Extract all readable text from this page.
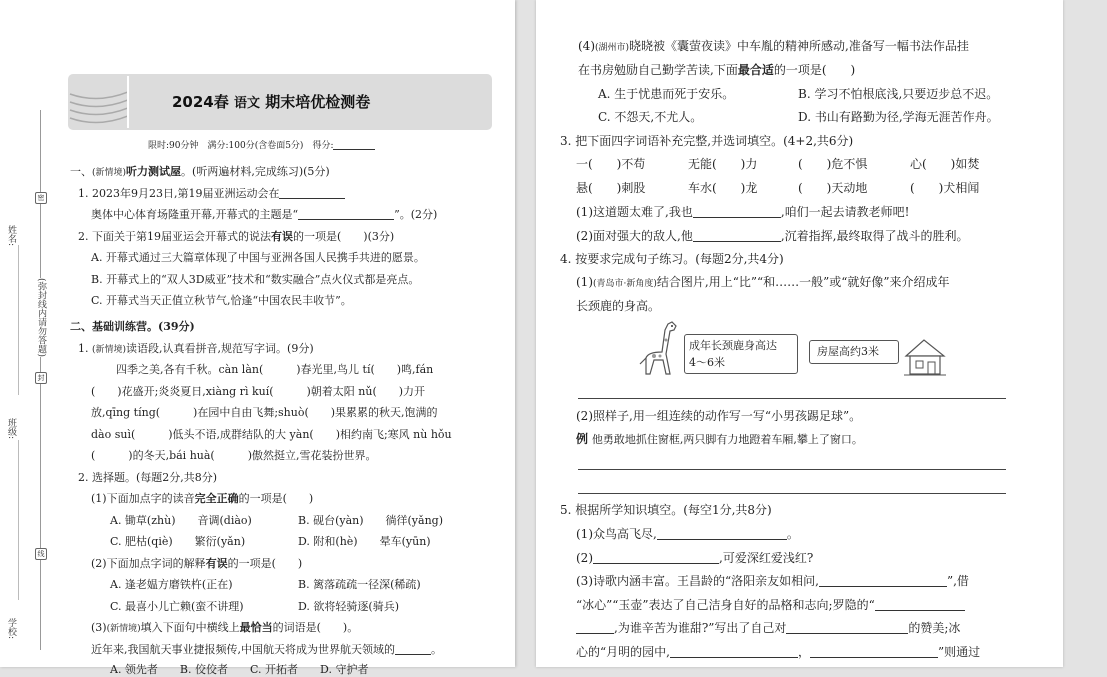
姓名:
班级:
学校:
(弥封线内请勿答题)
密
封
线
2024春 语文 期末培优检测卷
限时:90分钟　满分:100分(含卷面5分)　得分:
一、(新情境)听力测试屋。(听两遍材料,完成练习)(5分)
1. 2023年9月23日,第19届亚洲运动会在
奥体中心体育场隆重开幕,开幕式的主题是“	”。(2分)
2. 下面关于第19届亚运会开幕式的说法有误的一项是(　　)(3分)
A. 开幕式通过三大篇章体现了中国与亚洲各国人民携手共进的愿景。
B. 开幕式上的“双人3D威亚”技术和“数实融合”点火仪式都是亮点。
C. 开幕式当天正值立秋节气,恰逢“中国农民丰收节”。
二、基础训练营。(39分)
1. (新情境)读语段,认真看拼音,规范写字词。(9分)
四季之美,各有千秋。càn làn(　　　)春光里,鸟儿 tí(　　)鸣,fán
(　　)花盛开;炎炎夏日,xiàng rì kuí(　　　)朝着太阳 nǔ(　　)力开
放,qīng tíng(　　　)在园中自由飞舞;shuò(　　)果累累的秋天,饱满的
dào suì(　　　)低头不语,成群结队的大 yàn(　　)相约南飞;寒风 nù hǒu
(　　　)的冬天,bái huà(　　　)傲然挺立,雪花装扮世界。
2. 选择题。(每题2分,共8分)
(1)下面加点字的读音完全正确的一项是(　　)
A. 锄草(zhù)　　音调(diào)	B. 砚台(yàn)　　徜徉(yǎng)
C. 肥枯(qiè)　　繁衍(yǎn)	D. 附和(hè)　　晕车(yūn)
(2)下面加点字词的解释有误的一项是(　　)
A. 逢老媪方磨铁杵(正在)	B. 篱落疏疏一径深(稀疏)
C. 最喜小儿亡赖(蛮不讲理)	D. 欲将轻骑逐(骑兵)
(3)(新情境)填入下面句中横线上最恰当的词语是(　　)。
近年来,我国航天事业捷报频传,中国航天将成为世界航天领域的	。
A. 领先者　　B. 佼佼者　　C. 开拓者　　D. 守护者
(4)(湖州市)晓晓被《囊萤夜读》中车胤的精神所感动,准备写一幅书法作品挂
在书房勉励自己勤学苦读,下面最合适的一项是(　　)
A. 生于忧患而死于安乐。	B. 学习不怕根底浅,只要迈步总不迟。
C. 不怨天,不尤人。	D. 书山有路勤为径,学海无涯苦作舟。
3. 把下面四字词语补充完整,并选词填空。(4+2,共6分)
一(　　)不苟	无能(　　)力	(　　)危不惧	心(　　)如焚
悬(　　)刺股	车水(　　)龙	(　　)天动地	(　　)犬相闻
(1)这道题太难了,我也	,咱们一起去请教老师吧!
(2)面对强大的敌人,他	,沉着指挥,最终取得了战斗的胜利。
4. 按要求完成句子练习。(每题2分,共4分)
(1)(青岛市·新角度)结合图片,用上“比”“和……一般”或“就好像”来介绍成年
长颈鹿的身高。
成年长颈鹿身高达
4～6米
房屋高约3米
(2)照样子,用一组连续的动作写一写“小男孩踢足球”。
例 他勇敢地抓住窗框,两只脚有力地蹬着车厢,攀上了窗口。
5. 根据所学知识填空。(每空1分,共8分)
(1)众鸟高飞尽,	。
(2)	,可爱深红爱浅红?
(3)诗歌内涵丰富。王昌龄的“洛阳亲友如相问,	”,借
“冰心”“玉壶”表达了自己洁身自好的品格和志向;罗隐的“
,为谁辛苦为谁甜?”写出了自己对	的赞美;冰
心的“月明的园中,	，	”则通过
